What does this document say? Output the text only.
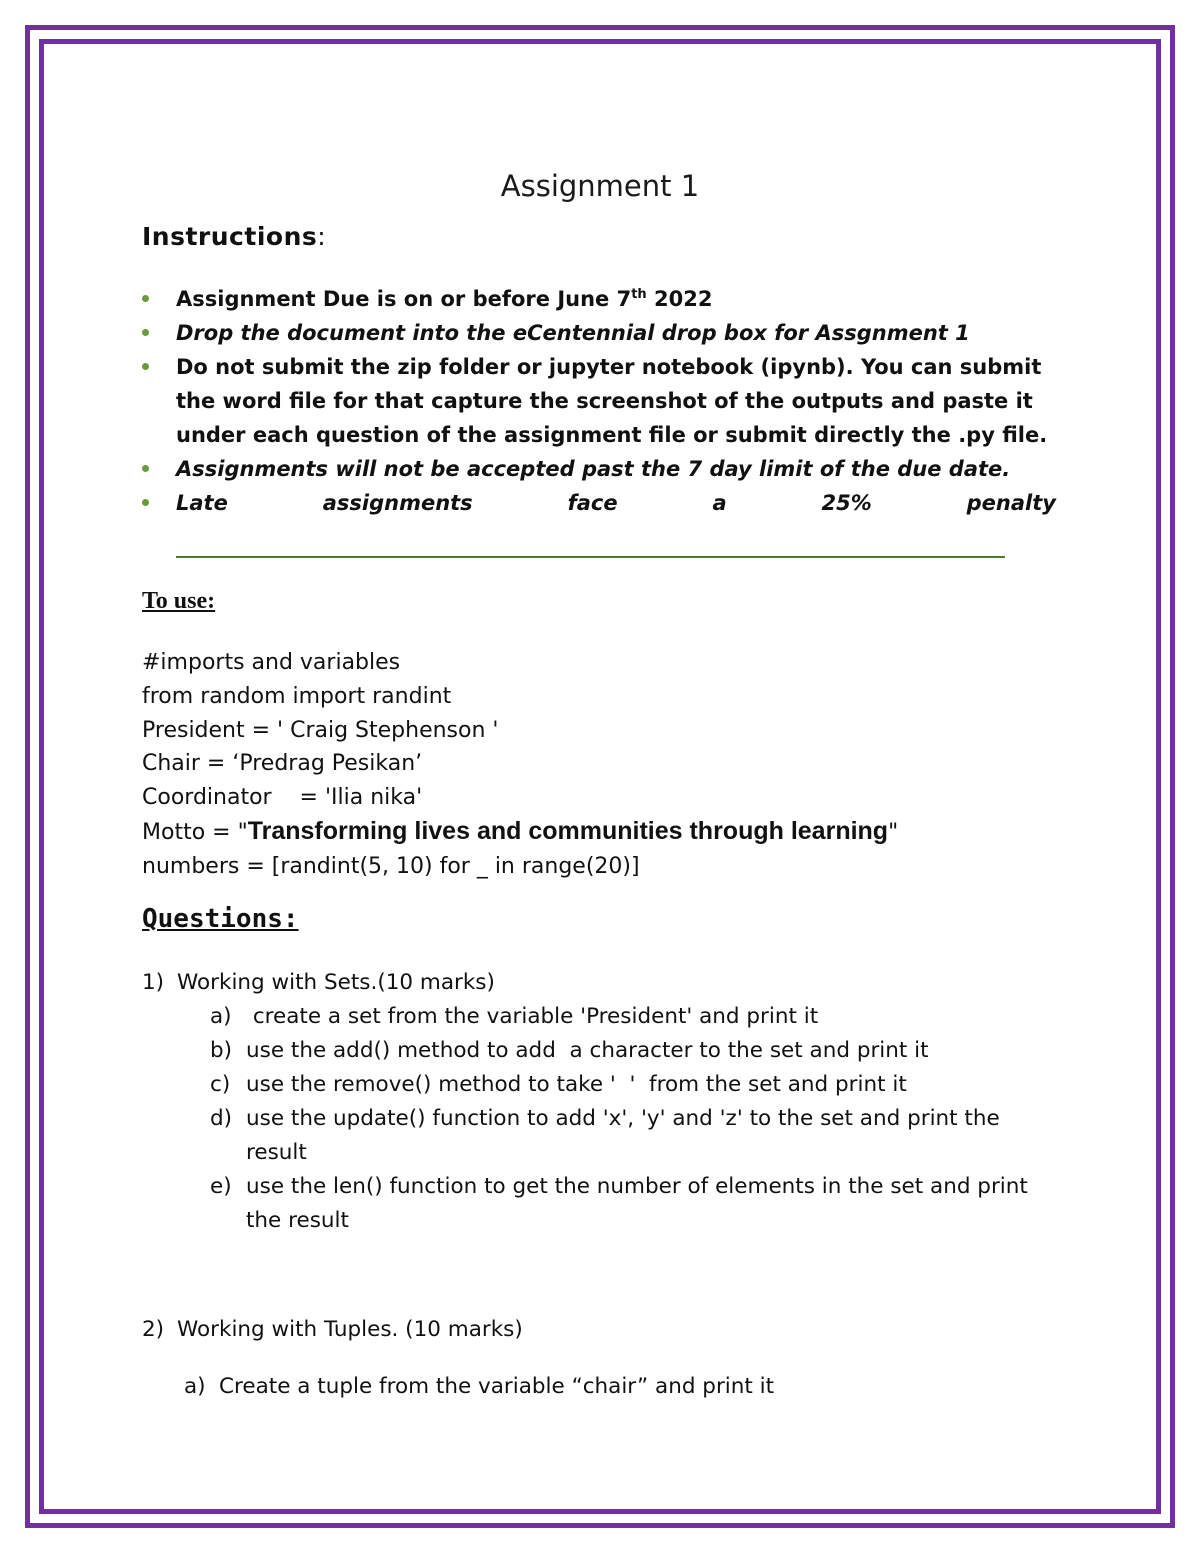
Assignment 1
Instructions:
Assignment Due is on or before June 7th 2022
Drop the document into the eCentennial drop box for Assgnment 1
Do not submit the zip folder or jupyter notebook (ipynb). You can submit the word file for that capture the screenshot of the outputs and paste it under each question of the assignment file or submit directly the .py file.
Assignments will not be accepted past the 7 day limit of the due date.
Late	assignments	face	a	25%	penalty
To use:
#imports and variables
from random import randint
President = ' Craig Stephenson '
Chair = ‘Predrag Pesikan’
Coordinator    = 'Ilia nika'
Motto = "Transforming lives and communities through learning"
numbers = [randint(5, 10) for _ in range(20)]
Questions:
1) Working with Sets.(10 marks)
a) create a set from the variable 'President' and print it
b) use the add() method to add  a character to the set and print it
c) use the remove() method to take '  '  from the set and print it
d) use the update() function to add 'x', 'y' and 'z' to the set and print the result
e) use the len() function to get the number of elements in the set and print the result
2) Working with Tuples. (10 marks)
a) Create a tuple from the variable “chair” and print it
